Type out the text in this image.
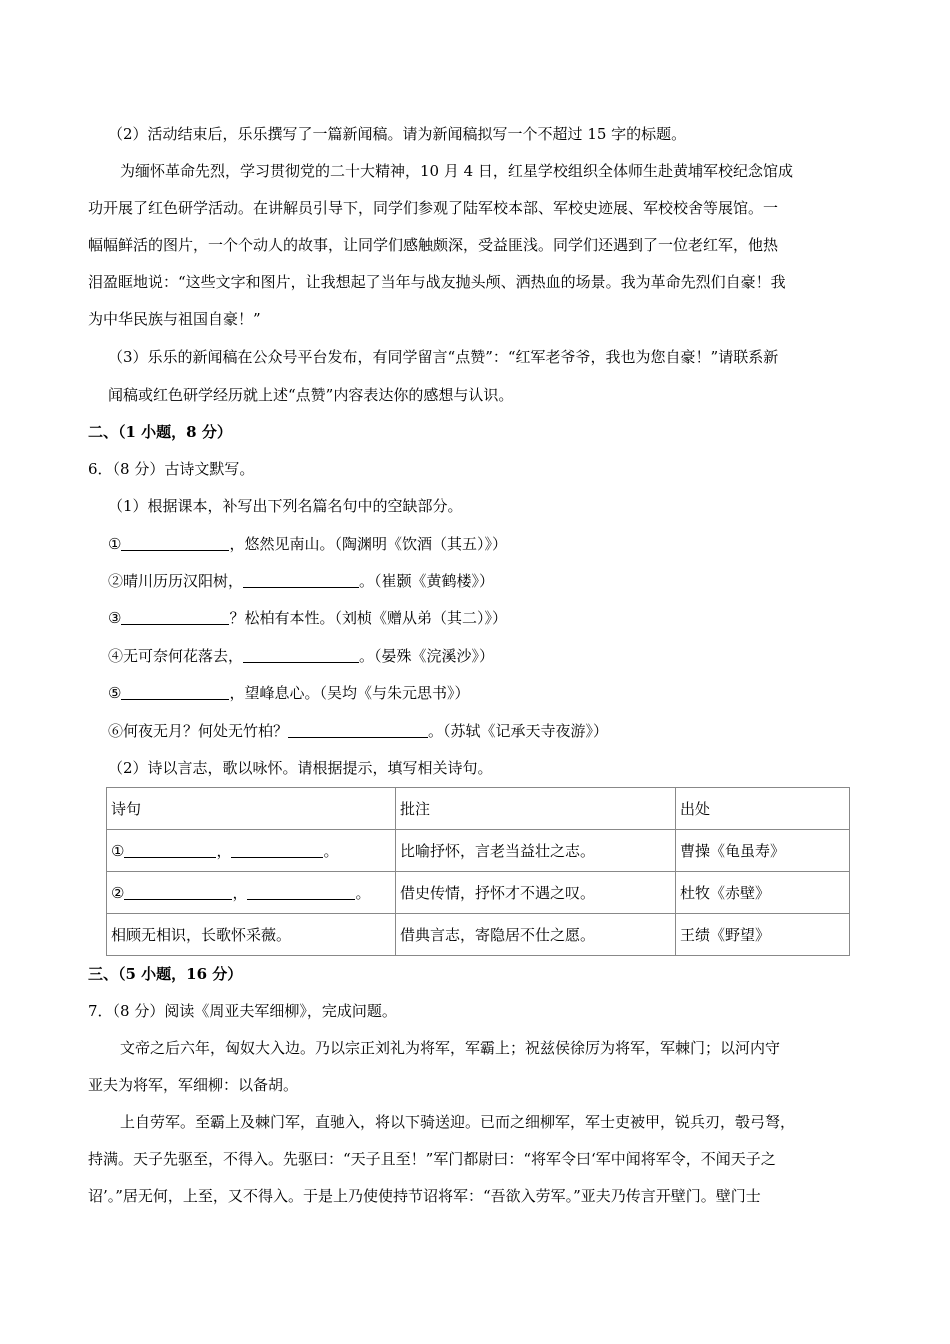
（2）活动结束后，乐乐撰写了一篇新闻稿。请为新闻稿拟写一个不超过 15 字的标题。
为缅怀革命先烈，学习贯彻党的二十大精神，10 月 4 日，红星学校组织全体师生赴黄埔军校纪念馆成
功开展了红色研学活动。在讲解员引导下，同学们参观了陆军校本部、军校史迹展、军校校舍等展馆。一
幅幅鲜活的图片，一个个动人的故事，让同学们感触颇深，受益匪浅。同学们还遇到了一位老红军，他热
泪盈眶地说：“这些文字和图片，让我想起了当年与战友抛头颅、洒热血的场景。我为革命先烈们自豪！我
为中华民族与祖国自豪！”
（3）乐乐的新闻稿在公众号平台发布，有同学留言“点赞”：“红军老爷爷，我也为您自豪！”请联系新
闻稿或红色研学经历就上述“点赞”内容表达你的感想与认识。
二、（1 小题，8 分）
6．（8 分）古诗文默写。
（1）根据课本，补写出下列名篇名句中的空缺部分。
①	，悠然见南山。（陶渊明《饮酒（其五）》）
②晴川历历汉阳树，	。（崔颢《黄鹤楼》）
③	？松柏有本性。（刘桢《赠从弟（其二）》）
④无可奈何花落去，	。（晏殊《浣溪沙》）
⑤	，望峰息心。（吴均《与朱元思书》）
⑥何夜无月？何处无竹柏？	。（苏轼《记承天寺夜游》）
（2）诗以言志，歌以咏怀。请根据提示，填写相关诗句。
诗句	批注	出处
① ， 。	比喻抒怀，言老当益壮之志。	曹操《龟虽寿》
② ， 。	借史传情，抒怀才不遇之叹。	杜牧《赤壁》
相顾无相识，长歌怀采薇。	借典言志，寄隐居不仕之愿。	王绩《野望》
三、（5 小题，16 分）
7．（8 分）阅读《周亚夫军细柳》，完成问题。
文帝之后六年，匈奴大入边。乃以宗正刘礼为将军，军霸上；祝兹侯徐厉为将军，军棘门；以河内守
亚夫为将军，军细柳：以备胡。
上自劳军。至霸上及棘门军，直驰入，将以下骑送迎。已而之细柳军，军士吏被甲，锐兵刃，彀弓弩，
持满。天子先驱至，不得入。先驱曰：“天子且至！”军门都尉曰：“将军令曰‘军中闻将军令，不闻天子之
诏’。”居无何，上至，又不得入。于是上乃使使持节诏将军：“吾欲入劳军。”亚夫乃传言开壁门。壁门士
